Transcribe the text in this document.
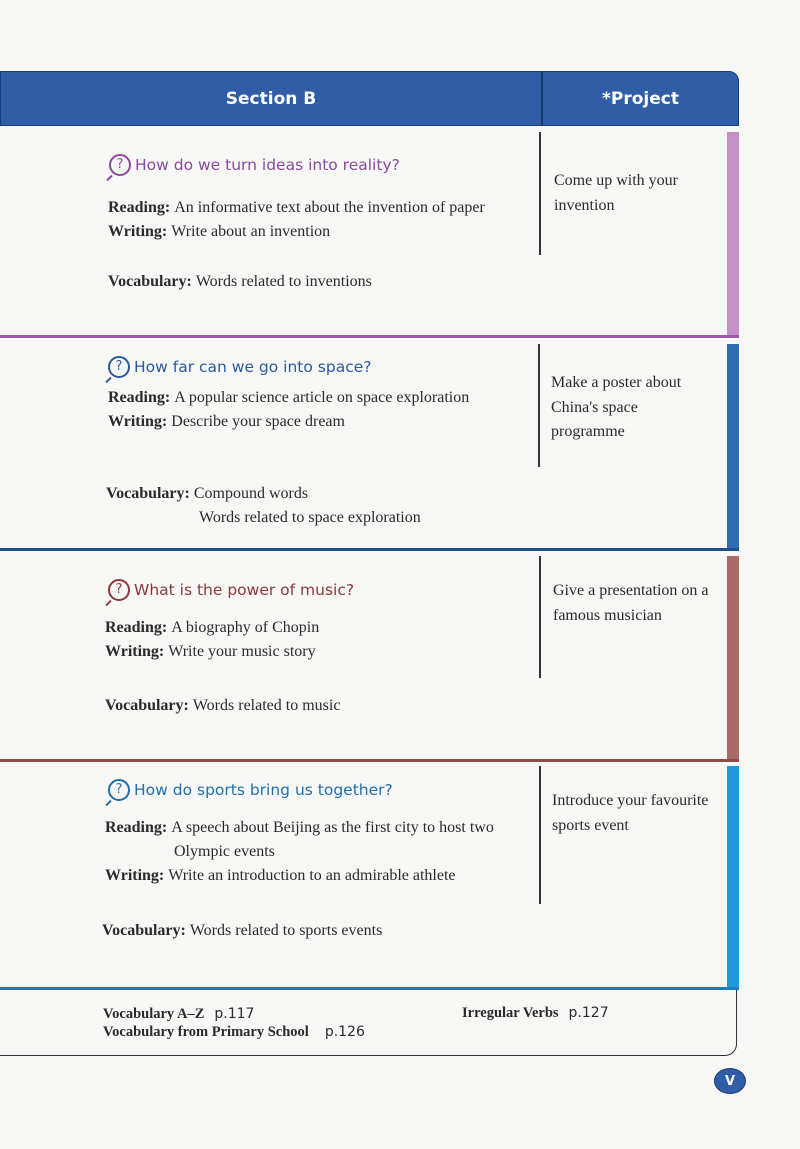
Section B	*Project
? How do we turn ideas into reality?
Reading: An informative text about the invention of paper
Writing: Write about an invention
Vocabulary: Words related to inventions
Come up with your invention
? How far can we go into space?
Reading: A popular science article on space exploration
Writing: Describe your space dream
Vocabulary: Compound words
Words related to space exploration
Make a poster about China's space programme
? What is the power of music?
Reading: A biography of Chopin
Writing: Write your music story
Vocabulary: Words related to music
Give a presentation on a famous musician
? How do sports bring us together?
Reading: A speech about Beijing as the first city to host two
Olympic events
Writing: Write an introduction to an admirable athlete
Vocabulary: Words related to sports events
Introduce your favourite sports event
Vocabulary A–Z p.117
Vocabulary from Primary School p.126
Irregular Verbs p.127
V
